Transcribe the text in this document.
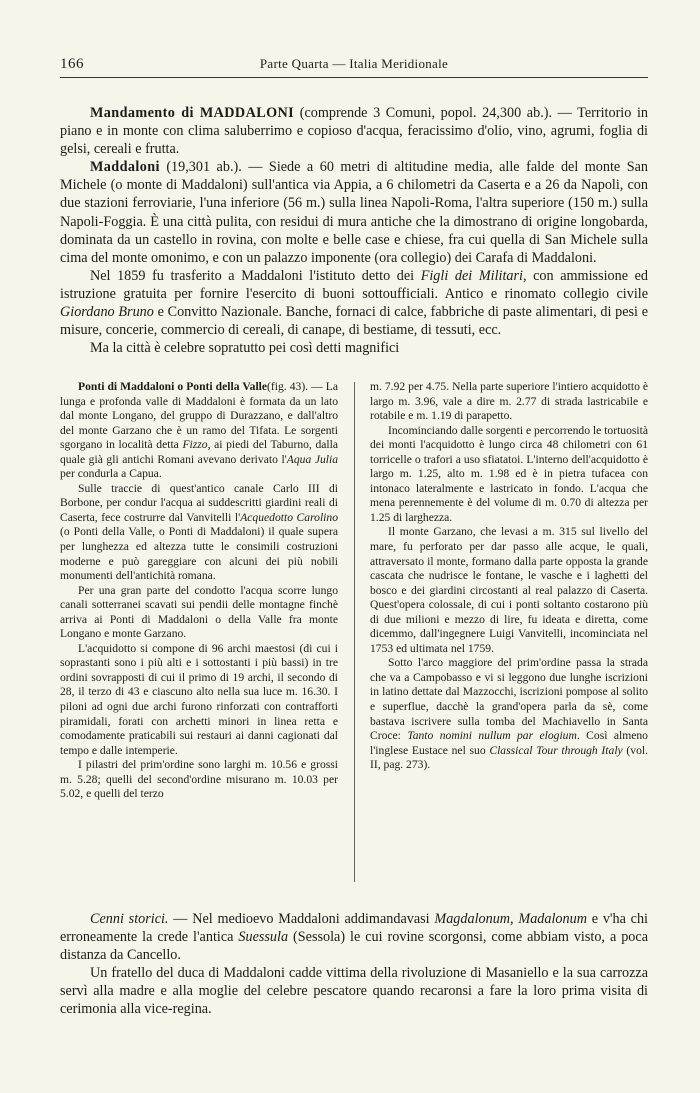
166	Parte Quarta — Italia Meridionale

Mandamento di MADDALONI (comprende 3 Comuni, popol. 24,300 ab.). — Territorio in piano e in monte con clima saluberrimo e copioso d'acqua, feracissimo d'olio, vino, agrumi, foglia di gelsi, cereali e frutta.

Maddaloni (19,301 ab.). — Siede a 60 metri di altitudine media, alle falde del monte San Michele (o monte di Maddaloni) sull'antica via Appia, a 6 chilometri da Caserta e a 26 da Napoli, con due stazioni ferroviarie, l'una inferiore (56 m.) sulla linea Napoli-Roma, l'altra superiore (150 m.) sulla Napoli-Foggia. È una città pulita, con residui di mura antiche che la dimostrano di origine longobarda, dominata da un castello in rovina, con molte e belle case e chiese, fra cui quella di San Michele sulla cima del monte omonimo, e con un palazzo imponente (ora collegio) dei Carafa di Maddaloni.

Nel 1859 fu trasferito a Maddaloni l'istituto detto dei Figli dei Militari, con ammissione ed istruzione gratuita per fornire l'esercito di buoni sottoufficiali. Antico e rinomato collegio civile Giordano Bruno e Convitto Nazionale. Banche, fornaci di calce, fabbriche di paste alimentari, di pesi e misure, concerie, commercio di cereali, di canape, di bestiame, di tessuti, ecc.

Ma la città è celebre sopratutto pei così detti magnifici

Ponti di Maddaloni o Ponti della Valle(fig. 43). — La lunga e profonda valle di Maddaloni è formata da un lato dal monte Longano, del gruppo di Durazzano, e dall'altro del monte Garzano che è un ramo del Tifata. Le sorgenti sgorgano in località detta Fizzo, ai piedi del Taburno, dalla quale già gli antichi Romani avevano derivato l'Aqua Julia per condurla a Capua.

Sulle traccie di quest'antico canale Carlo III di Borbone, per condur l'acqua ai suddescritti giardini reali di Caserta, fece costrurre dal Vanvitelli l'Acquedotto Carolino (o Ponti della Valle, o Ponti di Maddaloni) il quale supera per lunghezza ed altezza tutte le consimili costruzioni moderne e può gareggiare con alcuni dei più nobili monumenti dell'antichità romana.

Per una gran parte del condotto l'acqua scorre lungo canali sotterranei scavati sui pendii delle montagne finchè arriva ai Ponti di Maddaloni o della Valle fra monte Longano e monte Garzano.

L'acquidotto si compone di 96 archi maestosi (di cui i soprastanti sono i più alti e i sottostanti i più bassi) in tre ordini sovrapposti di cui il primo di 19 archi, il secondo di 28, il terzo di 43 e ciascuno alto nella sua luce m. 16.30. I piloni ad ogni due archi furono rinforzati con contrafforti piramidali, forati con archetti minori in linea retta e comodamente praticabili sui restauri ai danni cagionati dal tempo e dalle intemperie.

I pilastri del prim'ordine sono larghi m. 10.56 e grossi m. 5.28; quelli del second'ordine misurano m. 10.03 per 5.02, e quelli del terzo

m. 7.92 per 4.75. Nella parte superiore l'intiero acquidotto è largo m. 3.96, vale a dire m. 2.77 di strada lastricabile e rotabile e m. 1.19 di parapetto.

Incominciando dalle sorgenti e percorrendo le tortuosità dei monti l'acquidotto è lungo circa 48 chilometri con 61 torricelle o trafori a uso sfiatatoi. L'interno dell'acquidotto è largo m. 1.25, alto m. 1.98 ed è in pietra tufacea con intonaco lateralmente e lastricato in fondo. L'acqua che mena perennemente è del volume di m. 0.70 di altezza per 1.25 di larghezza.

Il monte Garzano, che levasi a m. 315 sul livello del mare, fu perforato per dar passo alle acque, le quali, attraversato il monte, formano dalla parte opposta la grande cascata che nudrisce le fontane, le vasche e i laghetti del bosco e dei giardini circostanti al real palazzo di Caserta. Quest'opera colossale, di cui i ponti soltanto costarono più di due milioni e mezzo di lire, fu ideata e diretta, come dicemmo, dall'ingegnere Luigi Vanvitelli, incominciata nel 1753 ed ultimata nel 1759.

Sotto l'arco maggiore del prim'ordine passa la strada che va a Campobasso e vi si leggono due lunghe iscrizioni in latino dettate dal Mazzocchi, iscrizioni pompose al solito e superflue, dacchè la grand'opera parla da sè, come bastava iscrivere sulla tomba del Machiavello in Santa Croce: Tanto nomini nullum par elogium. Così almeno l'inglese Eustace nel suo Classical Tour through Italy (vol. II, pag. 273).

Cenni storici. — Nel medioevo Maddaloni addimandavasi Magdalonum, Madalonum e v'ha chi erroneamente la crede l'antica Suessula (Sessola) le cui rovine scorgonsi, come abbiam visto, a poca distanza da Cancello.

Un fratello del duca di Maddaloni cadde vittima della rivoluzione di Masaniello e la sua carrozza servì alla madre e alla moglie del celebre pescatore quando recaronsi a fare la loro prima visita di cerimonia alla vice-regina.
